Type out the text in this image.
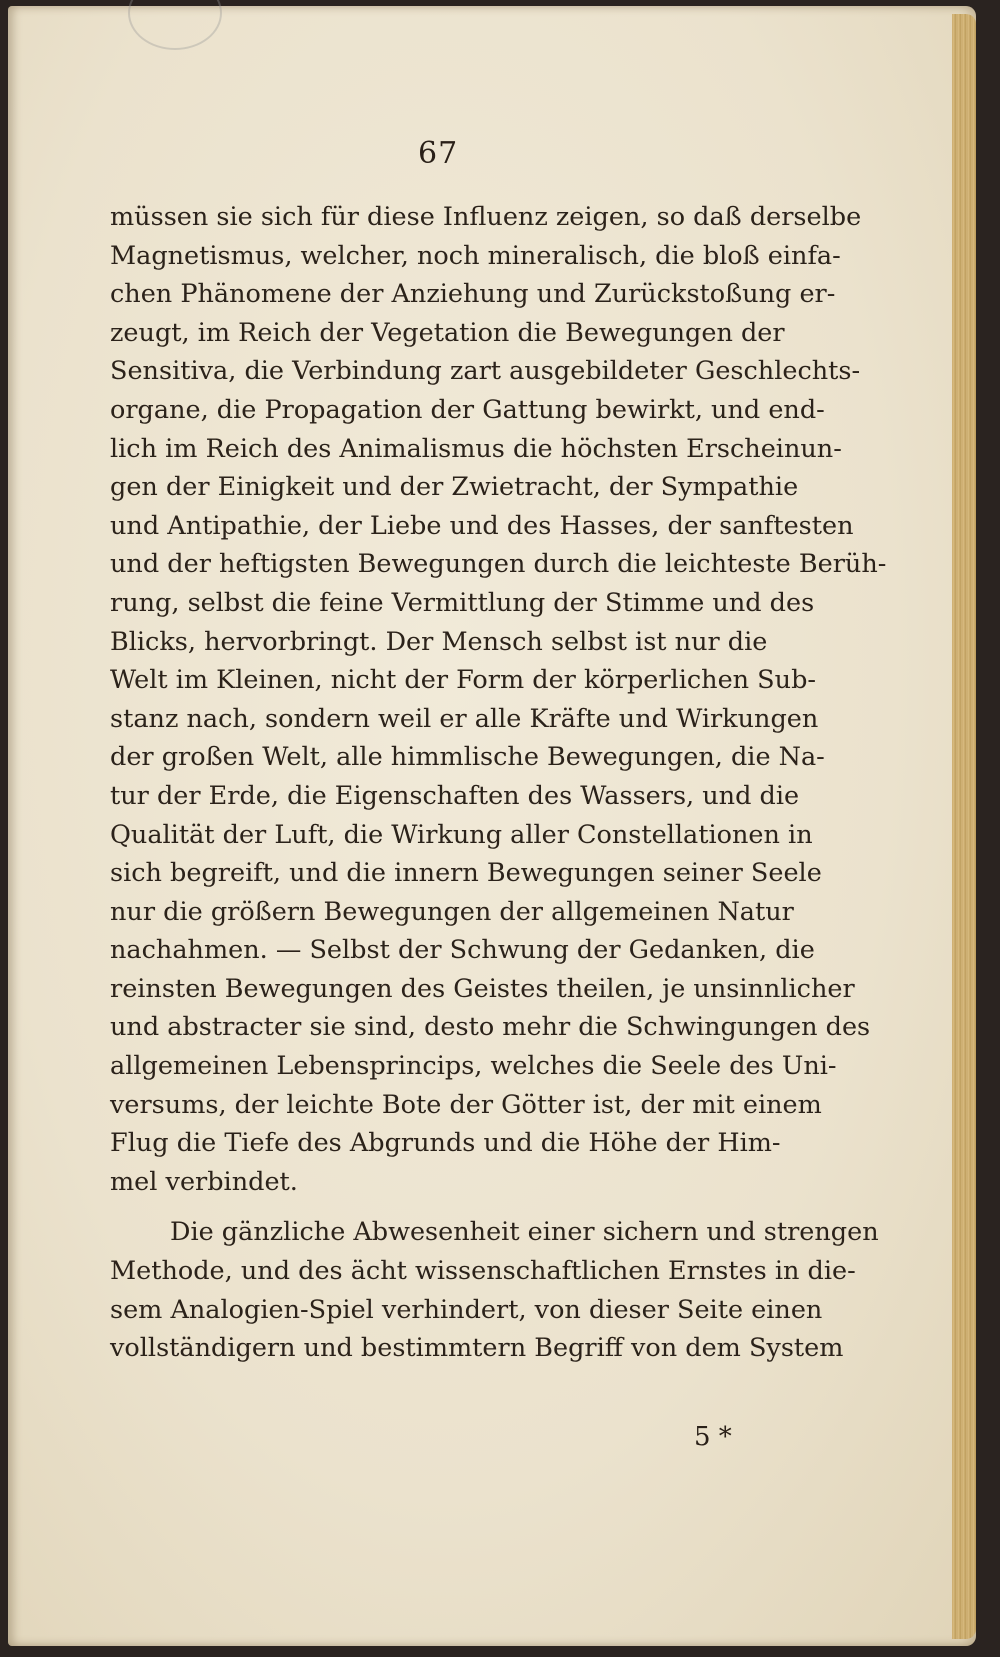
67
müssen sie sich für diese Influenz zeigen, so daß derselbe
Magnetismus, welcher, noch mineralisch, die bloß einfa-
chen Phänomene der Anziehung und Zurückstoßung er-
zeugt, im Reich der Vegetation die Bewegungen der
Sensitiva, die Verbindung zart ausgebildeter Geschlechts-
organe, die Propagation der Gattung bewirkt, und end-
lich im Reich des Animalismus die höchsten Erscheinun-
gen der Einigkeit und der Zwietracht, der Sympathie
und Antipathie, der Liebe und des Hasses, der sanftesten
und der heftigsten Bewegungen durch die leichteste Berüh-
rung, selbst die feine Vermittlung der Stimme und des
Blicks, hervorbringt. Der Mensch selbst ist nur die
Welt im Kleinen, nicht der Form der körperlichen Sub-
stanz nach, sondern weil er alle Kräfte und Wirkungen
der großen Welt, alle himmlische Bewegungen, die Na-
tur der Erde, die Eigenschaften des Wassers, und die
Qualität der Luft, die Wirkung aller Constellationen in
sich begreift, und die innern Bewegungen seiner Seele
nur die größern Bewegungen der allgemeinen Natur
nachahmen. — Selbst der Schwung der Gedanken, die
reinsten Bewegungen des Geistes theilen, je unsinnlicher
und abstracter sie sind, desto mehr die Schwingungen des
allgemeinen Lebensprincips, welches die Seele des Uni-
versums, der leichte Bote der Götter ist, der mit einem
Flug die Tiefe des Abgrunds und die Höhe der Him-
mel verbindet.
Die gänzliche Abwesenheit einer sichern und strengen
Methode, und des ächt wissenschaftlichen Ernstes in die-
sem Analogien-Spiel verhindert, von dieser Seite einen
vollständigern und bestimmtern Begriff von dem System
5 *
